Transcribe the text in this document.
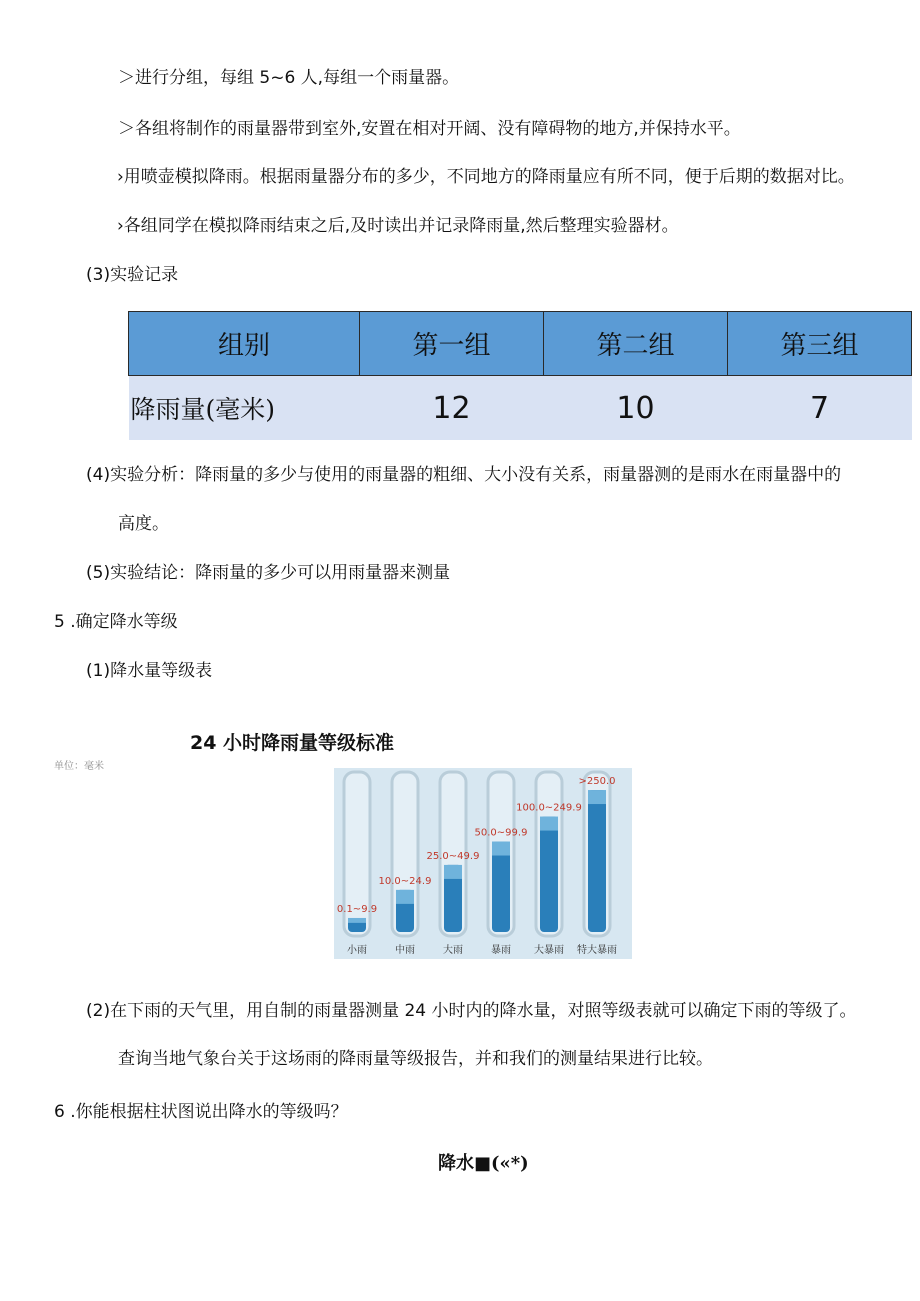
＞进行分组，每组 5~6 人,每组一个雨量器。
＞各组将制作的雨量器带到室外,安置在相对开阔、没有障碍物的地方,并保持水平。
›用喷壶模拟降雨。根据雨量器分布的多少，不同地方的降雨量应有所不同，便于后期的数据对比。
›各组同学在模拟降雨结束之后,及时读出并记录降雨量,然后整理实验器材。
(3)实验记录
组别	第一组	第二组	第三组
降雨量(毫米)	12	10	7
(4)实验分析：降雨量的多少与使用的雨量器的粗细、大小没有关系，雨量器测的是雨水在雨量器中的
高度。
(5)实验结论：降雨量的多少可以用雨量器来测量
5 .确定降水等级
(1)降水量等级表
24 小时降雨量等级标准
单位：毫米
0.1~9.9
小雨
10.0~24.9
中雨
25.0~49.9
大雨
50.0~99.9
暴雨
100.0~249.9
大暴雨
>250.0
特大暴雨
(2)在下雨的天气里，用自制的雨量器测量 24 小时内的降水量，对照等级表就可以确定下雨的等级了。
查询当地气象台关于这场雨的降雨量等级报告，并和我们的测量结果进行比较。
6 .你能根据柱状图说出降水的等级吗？
降水■(«*)
